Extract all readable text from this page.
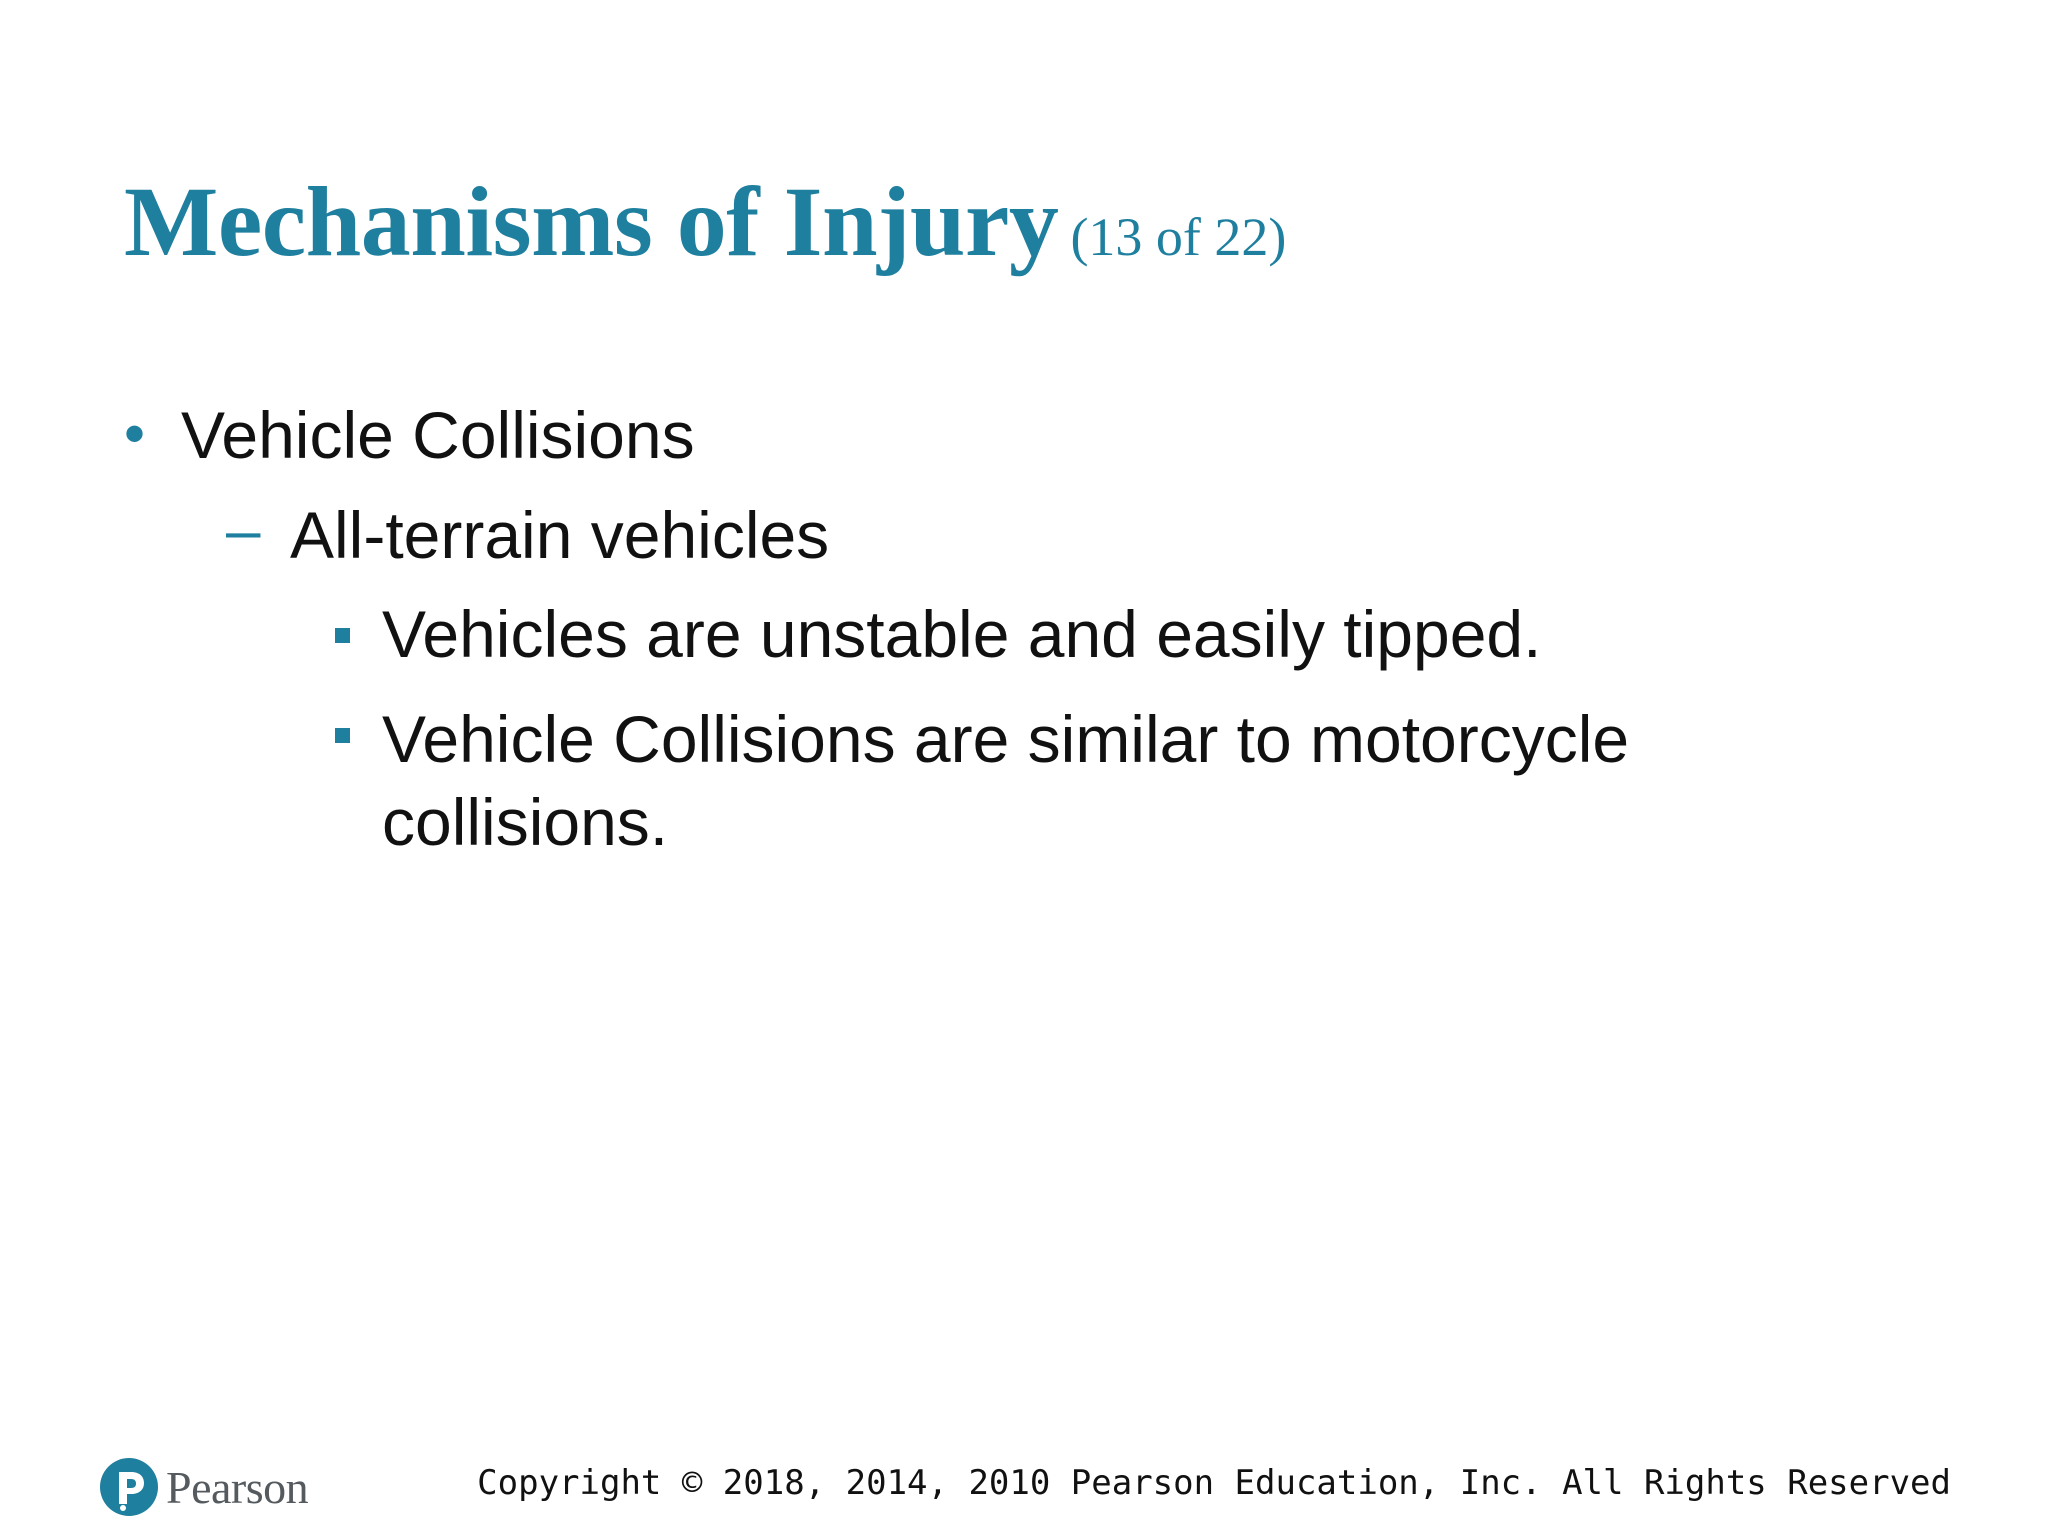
Mechanisms of Injury (13 of 22)
• Vehicle Collisions
– All-terrain vehicles
Vehicles are unstable and easily tipped.
Vehicle Collisions are similar to motorcycle collisions.
Pearson	Copyright © 2018, 2014, 2010 Pearson Education, Inc. All Rights Reserved
